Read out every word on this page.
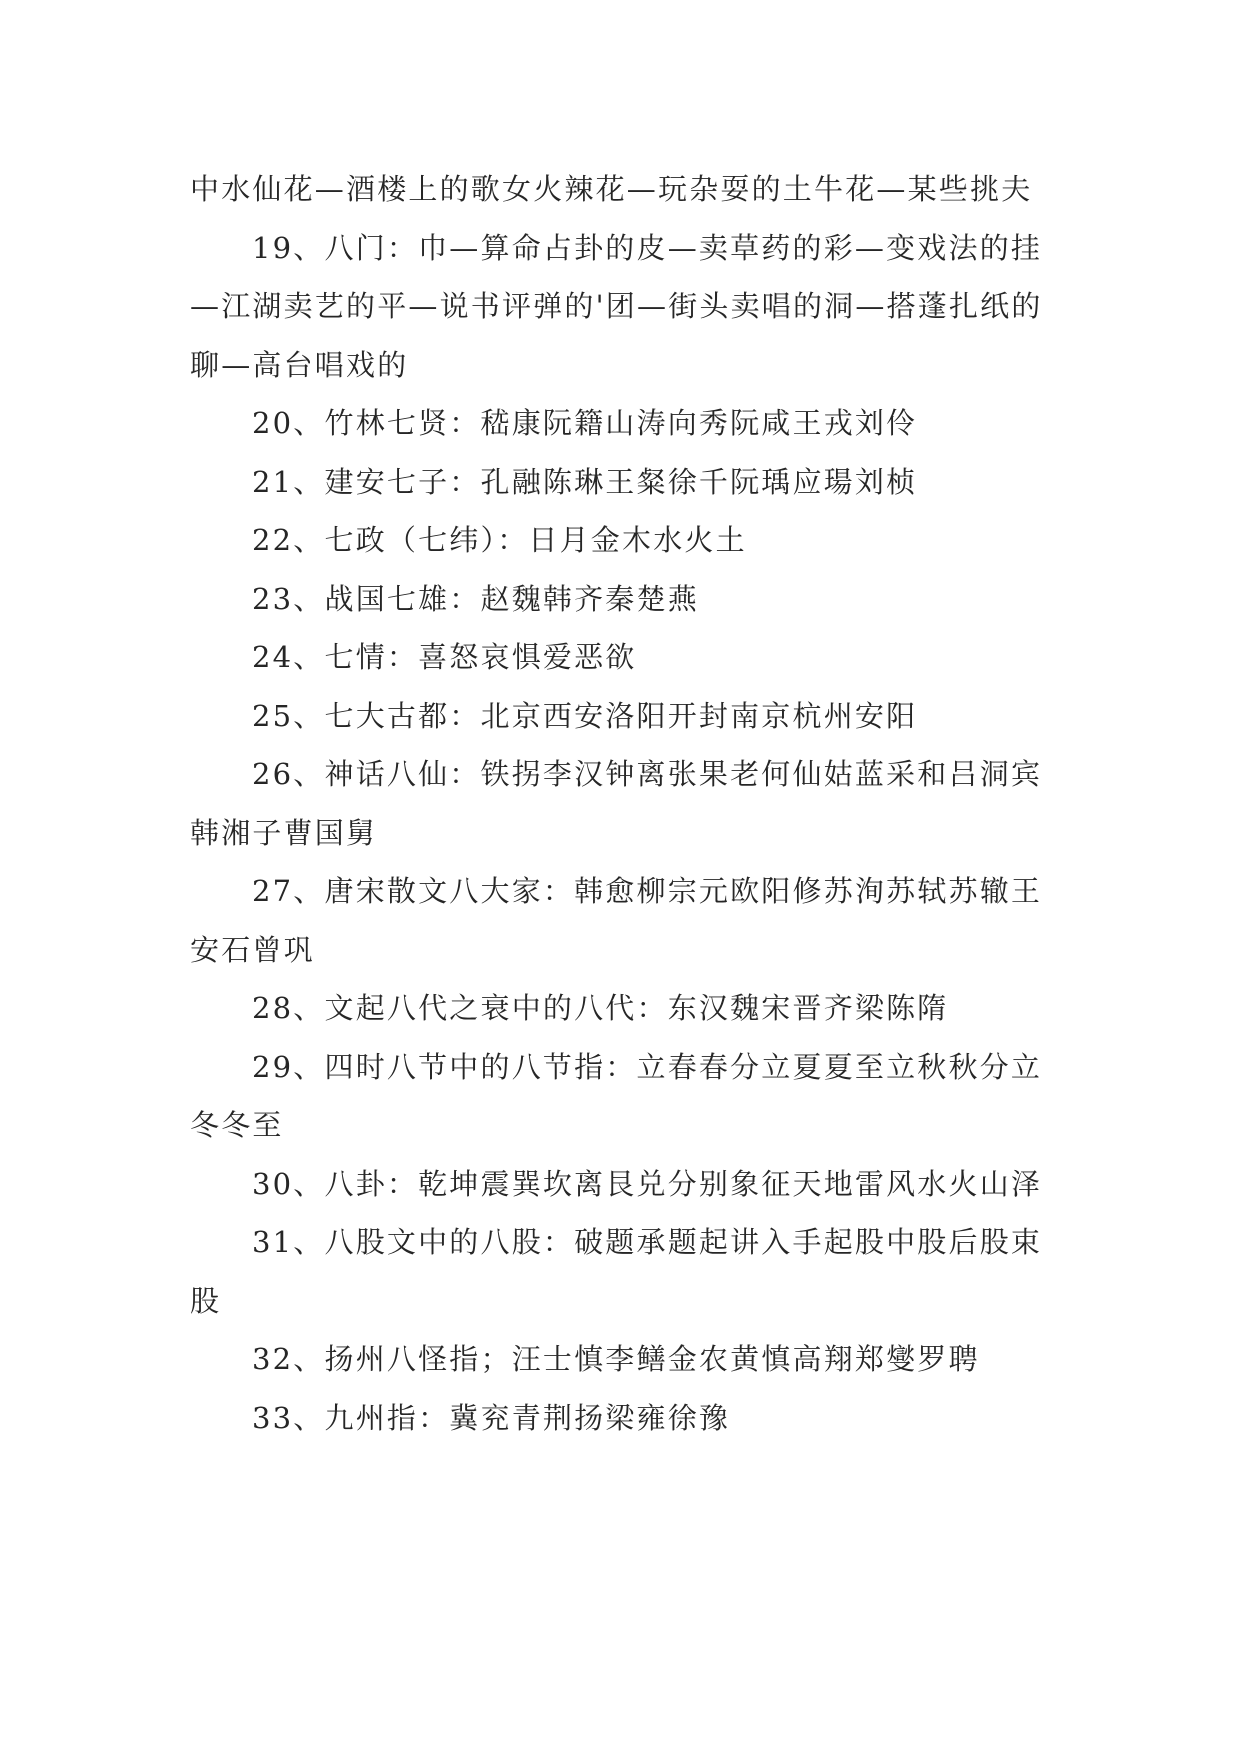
中水仙花—酒楼上的歌女火辣花—玩杂耍的土牛花—某些挑夫

19、八门：巾—算命占卦的皮—卖草药的彩—变戏法的挂—江湖卖艺的平—说书评弹的'团—街头卖唱的洞—搭蓬扎纸的聊—高台唱戏的

20、竹林七贤：嵇康阮籍山涛向秀阮咸王戎刘伶

21、建安七子：孔融陈琳王粲徐千阮瑀应瑒刘桢

22、七政（七纬）：日月金木水火土

23、战国七雄：赵魏韩齐秦楚燕

24、七情：喜怒哀惧爱恶欲

25、七大古都：北京西安洛阳开封南京杭州安阳

26、神话八仙：铁拐李汉钟离张果老何仙姑蓝采和吕洞宾韩湘子曹国舅

27、唐宋散文八大家：韩愈柳宗元欧阳修苏洵苏轼苏辙王安石曾巩

28、文起八代之衰中的八代：东汉魏宋晋齐梁陈隋

29、四时八节中的八节指：立春春分立夏夏至立秋秋分立冬冬至

30、八卦：乾坤震巽坎离艮兑分别象征天地雷风水火山泽

31、八股文中的八股：破题承题起讲入手起股中股后股束股

32、扬州八怪指；汪士慎李鳝金农黄慎高翔郑燮罗聘

33、九州指：冀兖青荆扬梁雍徐豫
